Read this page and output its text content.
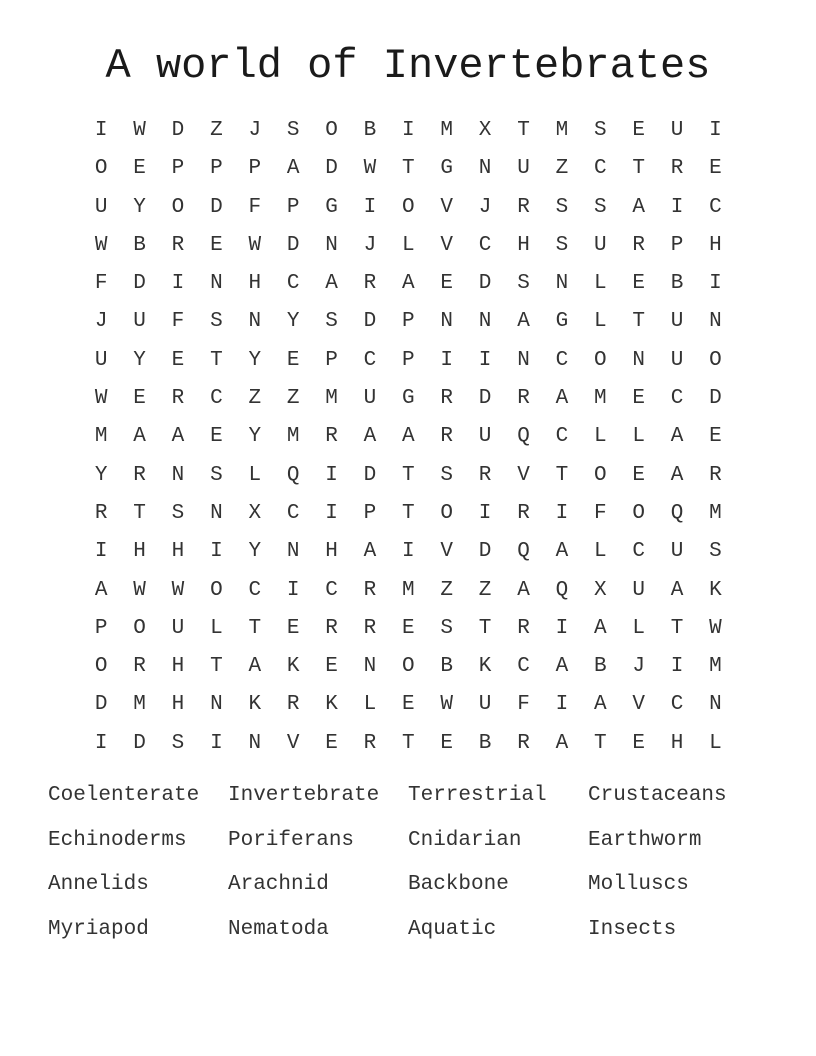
A world of Invertebrates
I	W	D	Z	J	S	O	B	I	M	X	T	M	S	E	U	I
O	E	P	P	P	A	D	W	T	G	N	U	Z	C	T	R	E
U	Y	O	D	F	P	G	I	O	V	J	R	S	S	A	I	C
W	B	R	E	W	D	N	J	L	V	C	H	S	U	R	P	H
F	D	I	N	H	C	A	R	A	E	D	S	N	L	E	B	I
J	U	F	S	N	Y	S	D	P	N	N	A	G	L	T	U	N
U	Y	E	T	Y	E	P	C	P	I	I	N	C	O	N	U	O
W	E	R	C	Z	Z	M	U	G	R	D	R	A	M	E	C	D
M	A	A	E	Y	M	R	A	A	R	U	Q	C	L	L	A	E
Y	R	N	S	L	Q	I	D	T	S	R	V	T	O	E	A	R
R	T	S	N	X	C	I	P	T	O	I	R	I	F	O	Q	M
I	H	H	I	Y	N	H	A	I	V	D	Q	A	L	C	U	S
A	W	W	O	C	I	C	R	M	Z	Z	A	Q	X	U	A	K
P	O	U	L	T	E	R	R	E	S	T	R	I	A	L	T	W
O	R	H	T	A	K	E	N	O	B	K	C	A	B	J	I	M
D	M	H	N	K	R	K	L	E	W	U	F	I	A	V	C	N
I	D	S	I	N	V	E	R	T	E	B	R	A	T	E	H	L
Coelenterate	Invertebrate	Terrestrial	Crustaceans
Echinoderms	Poriferans	Cnidarian	Earthworm
Annelids	Arachnid	Backbone	Molluscs
Myriapod	Nematoda	Aquatic	Insects
